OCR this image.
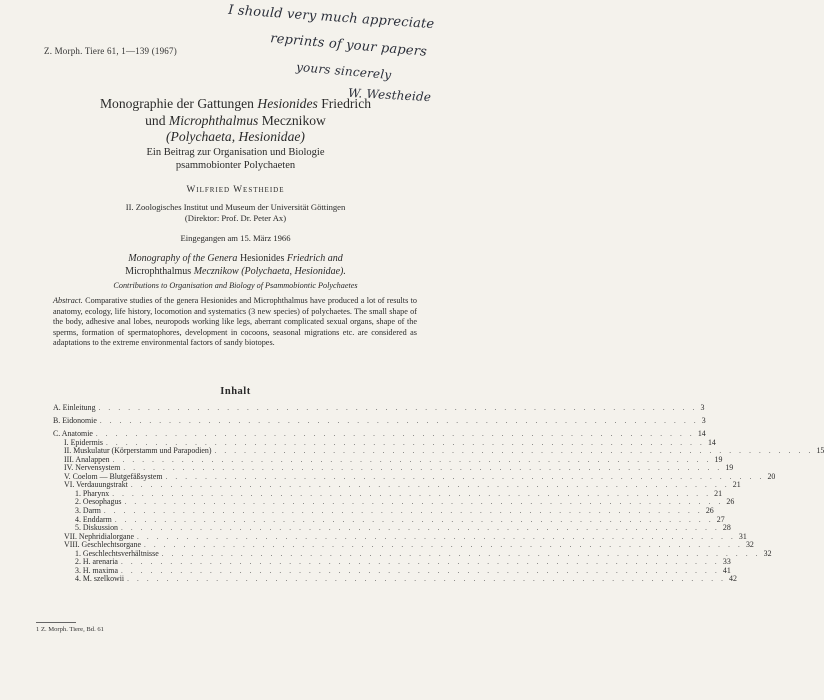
I should very much appreciate
reprints of your papers
yours sincerely
W. Westheide
Z. Morph. Tiere 61, 1—139 (1967)
Monographie der Gattungen Hesionides Friedrich
und Microphthalmus Mecznikow
(Polychaeta, Hesionidae)
Ein Beitrag zur Organisation und Biologie
psammobionter Polychaeten
Wilfried Westheide
II. Zoologisches Institut und Museum der Universität Göttingen
(Direktor: Prof. Dr. Peter Ax)
Eingegangen am 15. März 1966
Monography of the Genera Hesionides Friedrich and
Microphthalmus Mecznikow (Polychaeta, Hesionidae).
Contributions to Organisation and Biology of Psammobiontic Polychaetes
Abstract. Comparative studies of the genera Hesionides and Microphthalmus have produced a lot of results to anatomy, ecology, life history, locomotion and systematics (3 new species) of polychaetes. The small shape of the body, adhesive anal lobes, neuropods working like legs, aberrant complicated sexual organs, shape of the sperms, formation of spermatophores, development in cocoons, seasonal migrations etc. are considered as adaptations to the extreme environmental factors of sandy biotopes.
Inhalt
A. Einleitung . . . . . . . . . . . . . . . . . . . . . . . . . . . . . . . . . . . . . . . . . . . . . . . . . . . . . . . . . . . . . 3
B. Eidonomie . . . . . . . . . . . . . . . . . . . . . . . . . . . . . . . . . . . . . . . . . . . . . . . . . . . . . . . . . . . . . 3
C. Anatomie . . . . . . . . . . . . . . . . . . . . . . . . . . . . . . . . . . . . . . . . . . . . . . . . . . . . . . . . . . . . . 14
I. Epidermis . . . . . . . . . . . . . . . . . . . . . . . . . . . . . . . . . . . . . . . . . . . . . . . . . . . . . . . . . . . . . 14
II. Muskulatur (Körperstamm und Parapodien) . . . . . . . . . . . . . . . . . . . . . . . . . . . . . . . . . . . . . . . . . . . . . . . . . . . . . . . . . . . . . 15
III. Analappen . . . . . . . . . . . . . . . . . . . . . . . . . . . . . . . . . . . . . . . . . . . . . . . . . . . . . . . . . . . . . 19
IV. Nervensystem . . . . . . . . . . . . . . . . . . . . . . . . . . . . . . . . . . . . . . . . . . . . . . . . . . . . . . . . . . . . . 19
V. Coelom — Blutgefäßsystem . . . . . . . . . . . . . . . . . . . . . . . . . . . . . . . . . . . . . . . . . . . . . . . . . . . . . . . . . . . . . 20
VI. Verdauungstrakt . . . . . . . . . . . . . . . . . . . . . . . . . . . . . . . . . . . . . . . . . . . . . . . . . . . . . . . . . . . . . 21
1. Pharynx . . . . . . . . . . . . . . . . . . . . . . . . . . . . . . . . . . . . . . . . . . . . . . . . . . . . . . . . . . . . . 21
2. Oesophagus . . . . . . . . . . . . . . . . . . . . . . . . . . . . . . . . . . . . . . . . . . . . . . . . . . . . . . . . . . . . . 26
3. Darm . . . . . . . . . . . . . . . . . . . . . . . . . . . . . . . . . . . . . . . . . . . . . . . . . . . . . . . . . . . . . 26
4. Enddarm . . . . . . . . . . . . . . . . . . . . . . . . . . . . . . . . . . . . . . . . . . . . . . . . . . . . . . . . . . . . . 27
5. Diskussion . . . . . . . . . . . . . . . . . . . . . . . . . . . . . . . . . . . . . . . . . . . . . . . . . . . . . . . . . . . . . 28
VII. Nephridialorgane . . . . . . . . . . . . . . . . . . . . . . . . . . . . . . . . . . . . . . . . . . . . . . . . . . . . . . . . . . . . . 31
VIII. Geschlechtsorgane . . . . . . . . . . . . . . . . . . . . . . . . . . . . . . . . . . . . . . . . . . . . . . . . . . . . . . . . . . . . . 32
1. Geschlechtsverhältnisse . . . . . . . . . . . . . . . . . . . . . . . . . . . . . . . . . . . . . . . . . . . . . . . . . . . . . . . . . . . . . 32
2. H. arenaria . . . . . . . . . . . . . . . . . . . . . . . . . . . . . . . . . . . . . . . . . . . . . . . . . . . . . . . . . . . . . 33
3. H. maxima . . . . . . . . . . . . . . . . . . . . . . . . . . . . . . . . . . . . . . . . . . . . . . . . . . . . . . . . . . . . . 41
4. M. szelkowii . . . . . . . . . . . . . . . . . . . . . . . . . . . . . . . . . . . . . . . . . . . . . . . . . . . . . . . . . . . . . 42
1 Z. Morph. Tiere, Bd. 61
